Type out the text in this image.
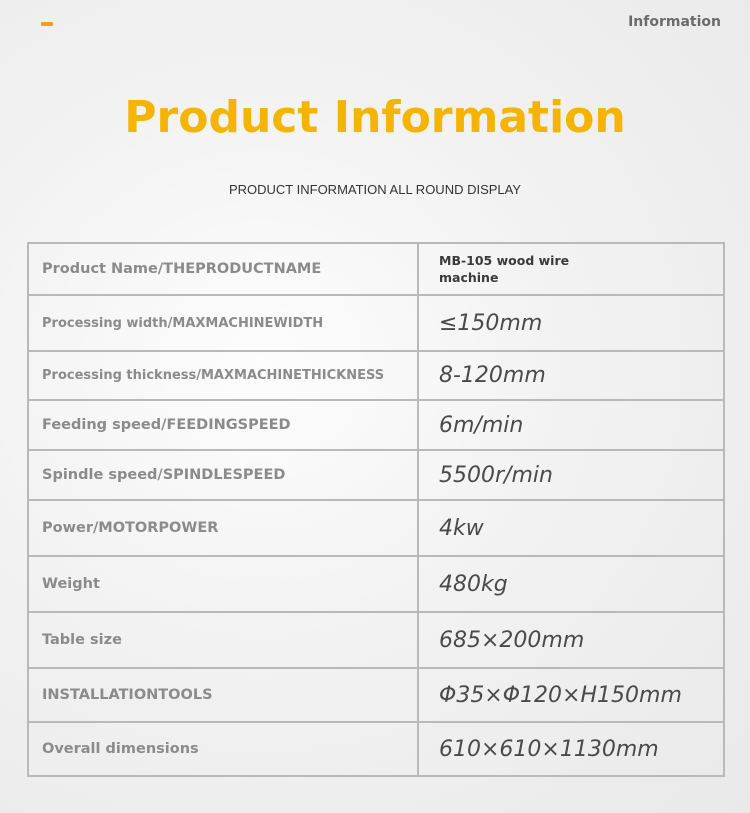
Information
Product Information
PRODUCT INFORMATION ALL ROUND DISPLAY
Product Name/THEPRODUCTNAME	MB-105 wood wire machine

Processing width/MAXMACHINEWIDTH	≤150mm

Processing thickness/MAXMACHINETHICKNESS	8-120mm

Feeding speed/FEEDINGSPEED	6m/min

Spindle speed/SPINDLESPEED	5500r/min

Power/MOTORPOWER	4kw

Weight	480kg

Table size	685×200mm

INSTALLATIONTOOLS	Φ35×Φ120×H150mm

Overall dimensions	610×610×1130mm
